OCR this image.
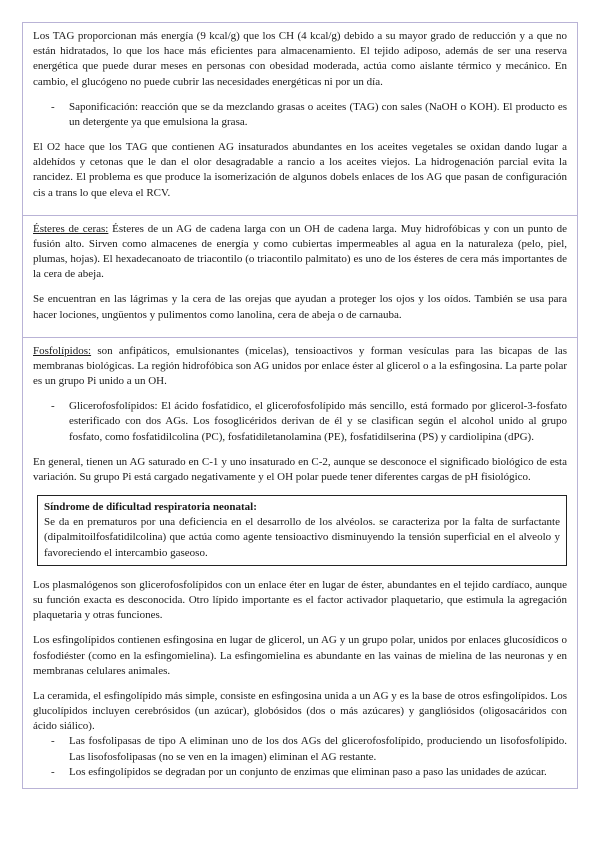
Los TAG proporcionan más energía (9 kcal/g) que los CH (4 kcal/g) debido a su mayor grado de reducción y a que no están hidratados, lo que los hace más eficientes para almacenamiento. El tejido adiposo, además de ser una reserva energética que puede durar meses en personas con obesidad moderada, actúa como aislante térmico y mecánico. En cambio, el glucógeno no puede cubrir las necesidades energéticas ni por un día.

- Saponificación: reacción que se da mezclando grasas o aceites (TAG) con sales (NaOH o KOH). El producto es un detergente ya que emulsiona la grasa.

El O2 hace que los TAG que contienen AG insaturados abundantes en los aceites vegetales se oxidan dando lugar a aldehídos y cetonas que le dan el olor desagradable a rancio a los aceites viejos. La hidrogenación parcial evita la rancidez. El problema es que produce la isomerización de algunos dobels enlaces de los AG que pasan de configuración cis a trans lo que eleva el RCV.

Ésteres de ceras: Ésteres de un AG de cadena larga con un OH de cadena larga. Muy hidrofóbicas y con un punto de fusión alto. Sirven como almacenes de energía y como cubiertas impermeables al agua en la naturaleza (pelo, piel, plumas, hojas). El hexadecanoato de triacontilo (o triacontilo palmitato) es uno de los ésteres de cera más importantes de la cera de abeja.

Se encuentran en las lágrimas y la cera de las orejas que ayudan a proteger los ojos y los oídos. También se usa para hacer lociones, ungüentos y pulimentos como lanolina, cera de abeja o de carnauba.

Fosfolípidos: son anfipáticos, emulsionantes (micelas), tensioactivos y forman vesículas para las bicapas de las membranas biológicas. La región hidrofóbica son AG unidos por enlace éster al glicerol o a la esfingosina. La parte polar es un grupo Pi unido a un OH.

- Glicerofosfolípidos: El ácido fosfatídico, el glicerofosfolípido más sencillo, está formado por glicerol-3-fosfato esterificado con dos AGs. Los fosoglicéridos derivan de él y se clasifican según el alcohol unido al grupo fosfato, como fosfatidilcolina (PC), fosfatidiletanolamina (PE), fosfatidilserina (PS) y cardiolipina (dPG).

En general, tienen un AG saturado en C-1 y uno insaturado en C-2, aunque se desconoce el significado biológico de esta variación. Su grupo Pi está cargado negativamente y el OH polar puede tener diferentes cargas de pH fisiológico.

Síndrome de dificultad respiratoria neonatal:

Se da en prematuros por una deficiencia en el desarrollo de los alvéolos. se caracteriza por la falta de surfactante (dipalmitoilfosfatidilcolina) que actúa como agente tensioactivo disminuyendo la tensión superficial en el alveolo y favoreciendo el intercambio gaseoso.

Los plasmalógenos son glicerofosfolípidos con un enlace éter en lugar de éster, abundantes en el tejido cardíaco, aunque su función exacta es desconocida. Otro lípido importante es el factor activador plaquetario, que estimula la agregación plaquetaria y otras funciones.

Los esfingolípidos contienen esfingosina en lugar de glicerol, un AG y un grupo polar, unidos por enlaces glucosídicos o fosfodiéster (como en la esfingomielina). La esfingomielina es abundante en las vainas de mielina de las neuronas y en membranas celulares animales.

La ceramida, el esfingolípido más simple, consiste en esfingosina unida a un AG y es la base de otros esfingolípidos. Los glucolípidos incluyen cerebrósidos (un azúcar), globósidos (dos o más azúcares) y gangliósidos (oligosacáridos con ácido siálico).

- Las fosfolipasas de tipo A eliminan uno de los dos AGs del glicerofosfolípido, produciendo un lisofosfolípido. Las lisofosfolipasas (no se ven en la imagen) eliminan el AG restante.
- Los esfingolípidos se degradan por un conjunto de enzimas que eliminan paso a paso las unidades de azúcar.
